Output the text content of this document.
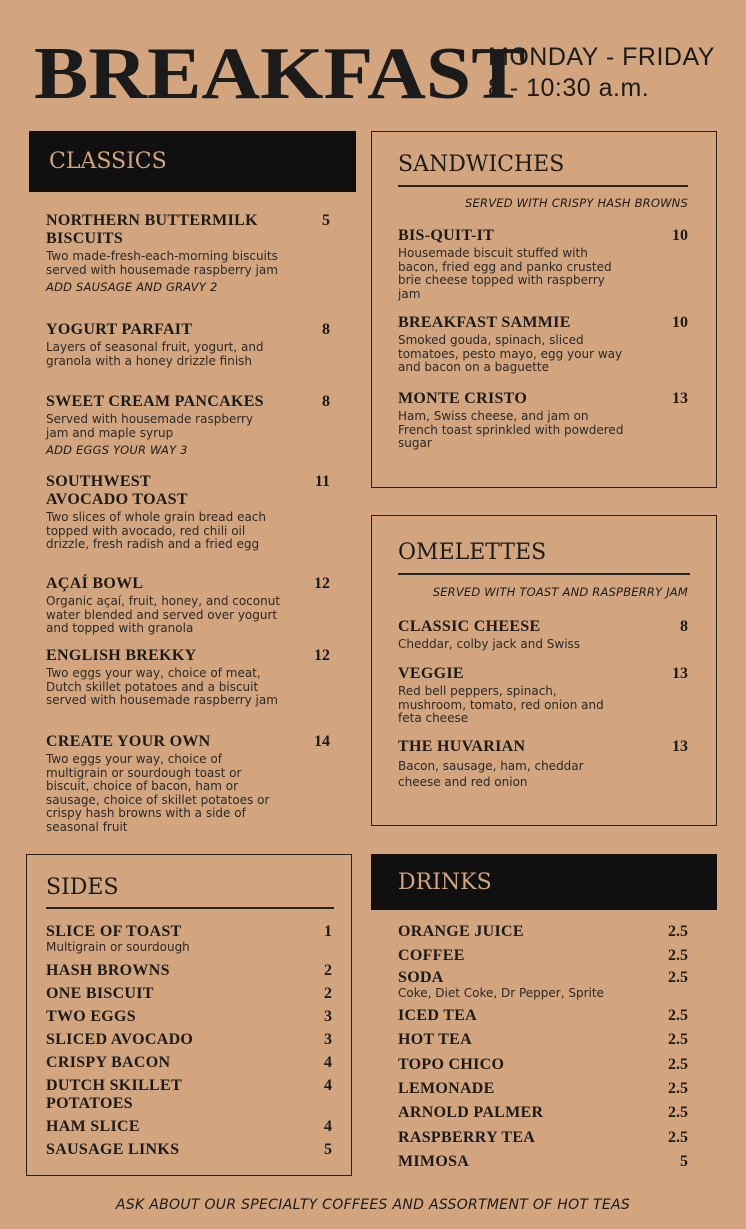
BREAKFAST
MONDAY - FRIDAY
8 - 10:30 a.m.
CLASSICS
NORTHERN BUTTERMILK BISCUITS
5
Two made-fresh-each-morning biscuits served with housemade raspberry jam
ADD SAUSAGE AND GRAVY 2
YOGURT PARFAIT	8
Layers of seasonal fruit, yogurt, and granola with a honey drizzle finish
SWEET CREAM PANCAKES	8
Served with housemade raspberry jam and maple syrup
ADD EGGS YOUR WAY 3
SOUTHWEST AVOCADO TOAST
11
Two slices of whole grain bread each topped with avocado, red chili oil drizzle, fresh radish and a fried egg
AÇAÍ BOWL	12
Organic açaí, fruit, honey, and coconut water blended and served over yogurt and topped with granola
ENGLISH BREKKY	12
Two eggs your way, choice of meat, Dutch skillet potatoes and a biscuit served with housemade raspberry jam
CREATE YOUR OWN	14
Two eggs your way, choice of multigrain or sourdough toast or biscuit, choice of bacon, ham or sausage, choice of skillet potatoes or crispy hash browns with a side of seasonal fruit
SANDWICHES
SERVED WITH CRISPY HASH BROWNS
BIS-QUIT-IT	10
Housemade biscuit stuffed with bacon, fried egg and panko crusted brie cheese topped with raspberry jam
BREAKFAST SAMMIE	10
Smoked gouda, spinach, sliced tomatoes, pesto mayo, egg your way and bacon on a baguette
MONTE CRISTO	13
Ham, Swiss cheese, and jam on French toast sprinkled with powdered sugar
OMELETTES
SERVED WITH TOAST AND RASPBERRY JAM
CLASSIC CHEESE	8
Cheddar, colby jack and Swiss
VEGGIE	13
Red bell peppers, spinach, mushroom, tomato, red onion and feta cheese
THE HUVARIAN	13
Bacon, sausage, ham, cheddar cheese and red onion
SIDES
SLICE OF TOAST	1
Multigrain or sourdough
HASH BROWNS	2
ONE BISCUIT	2
TWO EGGS	3
SLICED AVOCADO	3
CRISPY BACON	4
DUTCH SKILLET POTATOES
4
HAM SLICE	4
SAUSAGE LINKS	5
DRINKS
ORANGE JUICE	2.5
COFFEE	2.5
SODA	2.5
Coke, Diet Coke, Dr Pepper, Sprite
ICED TEA	2.5
HOT TEA	2.5
TOPO CHICO	2.5
LEMONADE	2.5
ARNOLD PALMER	2.5
RASPBERRY TEA	2.5
MIMOSA	5
ASK ABOUT OUR SPECIALTY COFFEES AND ASSORTMENT OF HOT TEAS
